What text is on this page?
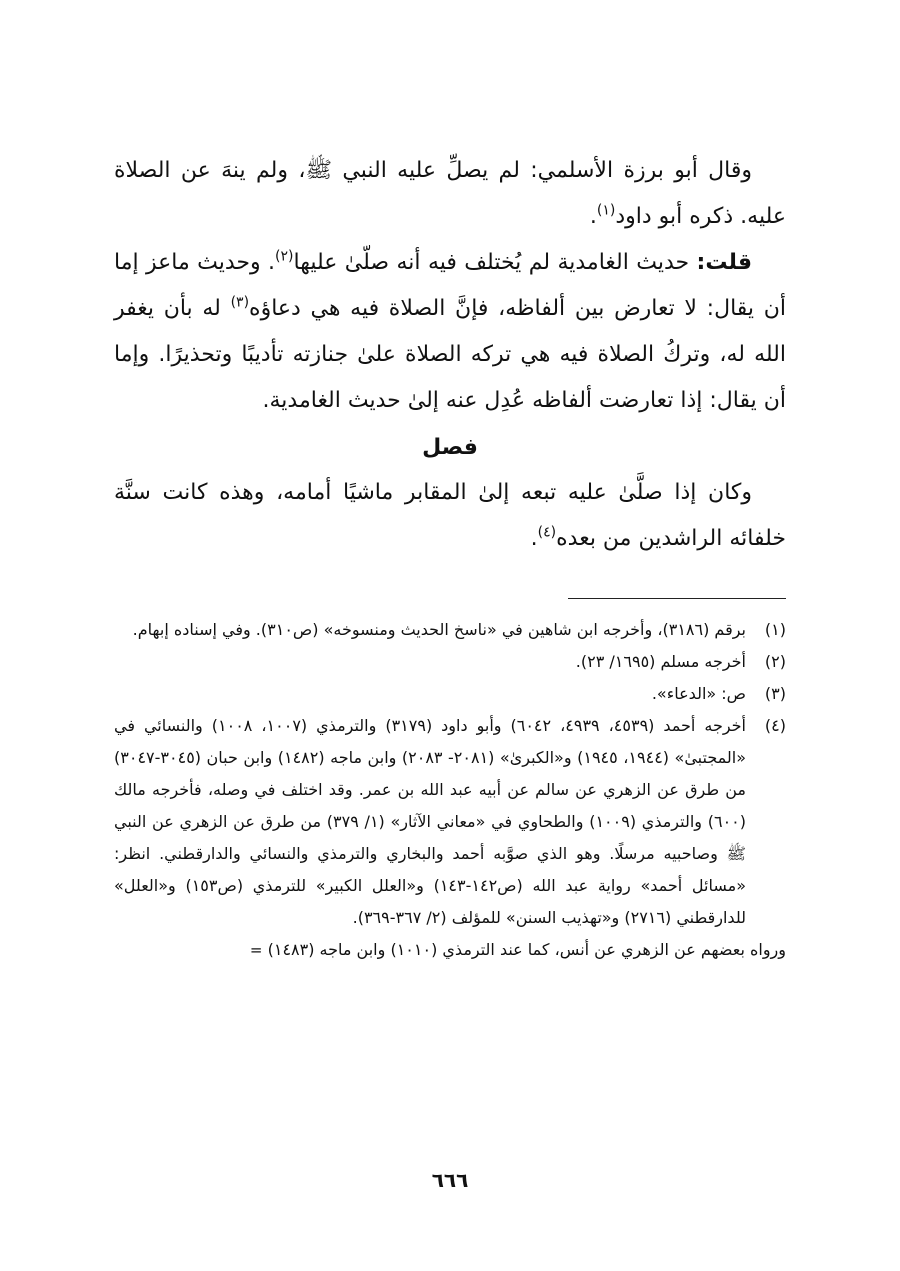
وقال أبو برزة الأسلمي: لم يصلِّ عليه النبي ﷺ، ولم ينهَ عن الصلاة عليه. ذكره أبو داود$^{(١)}$.

قلت: حديث الغامدية لم يُختلف فيه أنه صلّىٰ عليها$^{(٢)}$. وحديث ماعز إما أن يقال: لا تعارض بين ألفاظه، فإنَّ الصلاة فيه هي دعاؤه$^{(٣)}$ له بأن يغفر الله له، وتركُ الصلاة فيه هي تركه الصلاة علىٰ جنازته تأديبًا وتحذيرًا. وإما أن يقال: إذا تعارضت ألفاظه عُدِل عنه إلىٰ حديث الغامدية.

فصل

وكان إذا صلَّىٰ عليه تبعه إلىٰ المقابر ماشيًا أمامه، وهذه كانت سنَّة خلفائه الراشدين من بعده$^{(٤)}$.

(١)
برقم (٣١٨٦)، وأخرجه ابن شاهين في «ناسخ الحديث ومنسوخه» (ص٣١٠). وفي إسناده إبهام.
(٢)
أخرجه مسلم (١٦٩٥/ ٢٣).
(٣)
ص: «الدعاء».
(٤)
أخرجه أحمد (٤٥٣٩، ٤٩٣٩، ٦٠٤٢) وأبو داود (٣١٧٩) والترمذي (١٠٠٧، ١٠٠٨) والنسائي في «المجتبىٰ» (١٩٤٤، ١٩٤٥) و«الكبرىٰ» (٢٠٨١- ٢٠٨٣) وابن ماجه (١٤٨٢) وابن حبان (٣٠٤٥-٣٠٤٧) من طرق عن الزهري عن سالم عن أبيه عبد الله بن عمر. وقد اختلف في وصله، فأخرجه مالك (٦٠٠) والترمذي (١٠٠٩) والطحاوي في «معاني الآثار» (١/ ٣٧٩) من طرق عن الزهري عن النبي ﷺ وصاحبيه مرسلًا. وهو الذي صوَّبه أحمد والبخاري والترمذي والنسائي والدارقطني. انظر: «مسائل أحمد» رواية عبد الله (ص١٤٢-١٤٣) و«العلل الكبير» للترمذي (ص١٥٣) و«العلل» للدارقطني (٢٧١٦) و«تهذيب السنن» للمؤلف (٢/ ٣٦٧-٣٦٩).
ورواه بعضهم عن الزهري عن أنس، كما عند الترمذي (١٠١٠) وابن ماجه (١٤٨٣) =
٦٦٦
